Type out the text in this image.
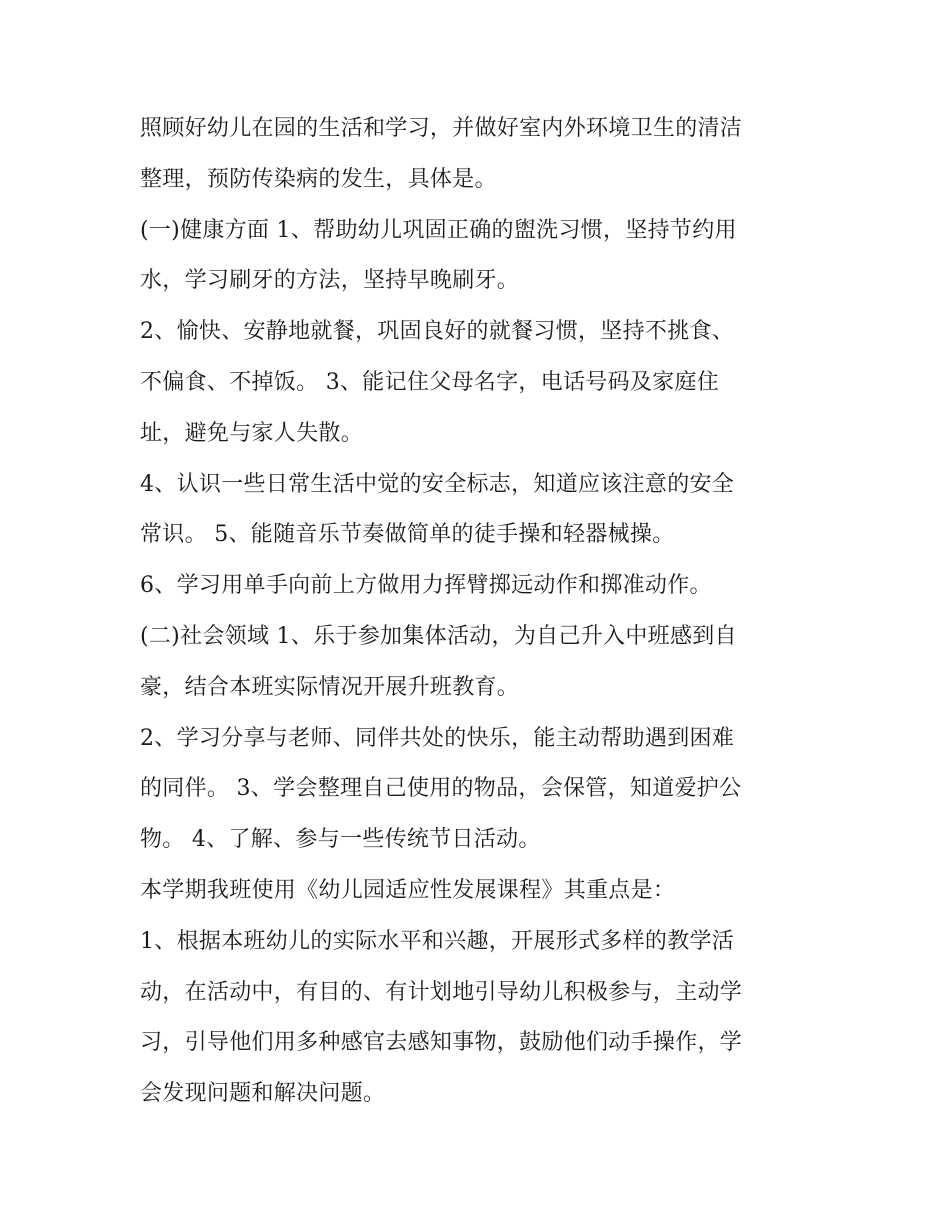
照顾好幼儿在园的生活和学习，并做好室内外环境卫生的清洁
整理，预防传染病的发生，具体是。
(一)健康方面 1、帮助幼儿巩固正确的盥洗习惯，坚持节约用
水，学习刷牙的方法，坚持早晚刷牙。
2、愉快、安静地就餐，巩固良好的就餐习惯，坚持不挑食、
不偏食、不掉饭。 3、能记住父母名字，电话号码及家庭住
址，避免与家人失散。
4、认识一些日常生活中觉的安全标志，知道应该注意的安全
常识。 5、能随音乐节奏做简单的徒手操和轻器械操。
6、学习用单手向前上方做用力挥臂掷远动作和掷准动作。
(二)社会领域 1、乐于参加集体活动，为自己升入中班感到自
豪，结合本班实际情况开展升班教育。
2、学习分享与老师、同伴共处的快乐，能主动帮助遇到困难
的同伴。 3、学会整理自己使用的物品，会保管，知道爱护公
物。 4、了解、参与一些传统节日活动。
本学期我班使用《幼儿园适应性发展课程》其重点是：
1、根据本班幼儿的实际水平和兴趣，开展形式多样的教学活
动，在活动中，有目的、有计划地引导幼儿积极参与，主动学
习，引导他们用多种感官去感知事物，鼓励他们动手操作，学
会发现问题和解决问题。
